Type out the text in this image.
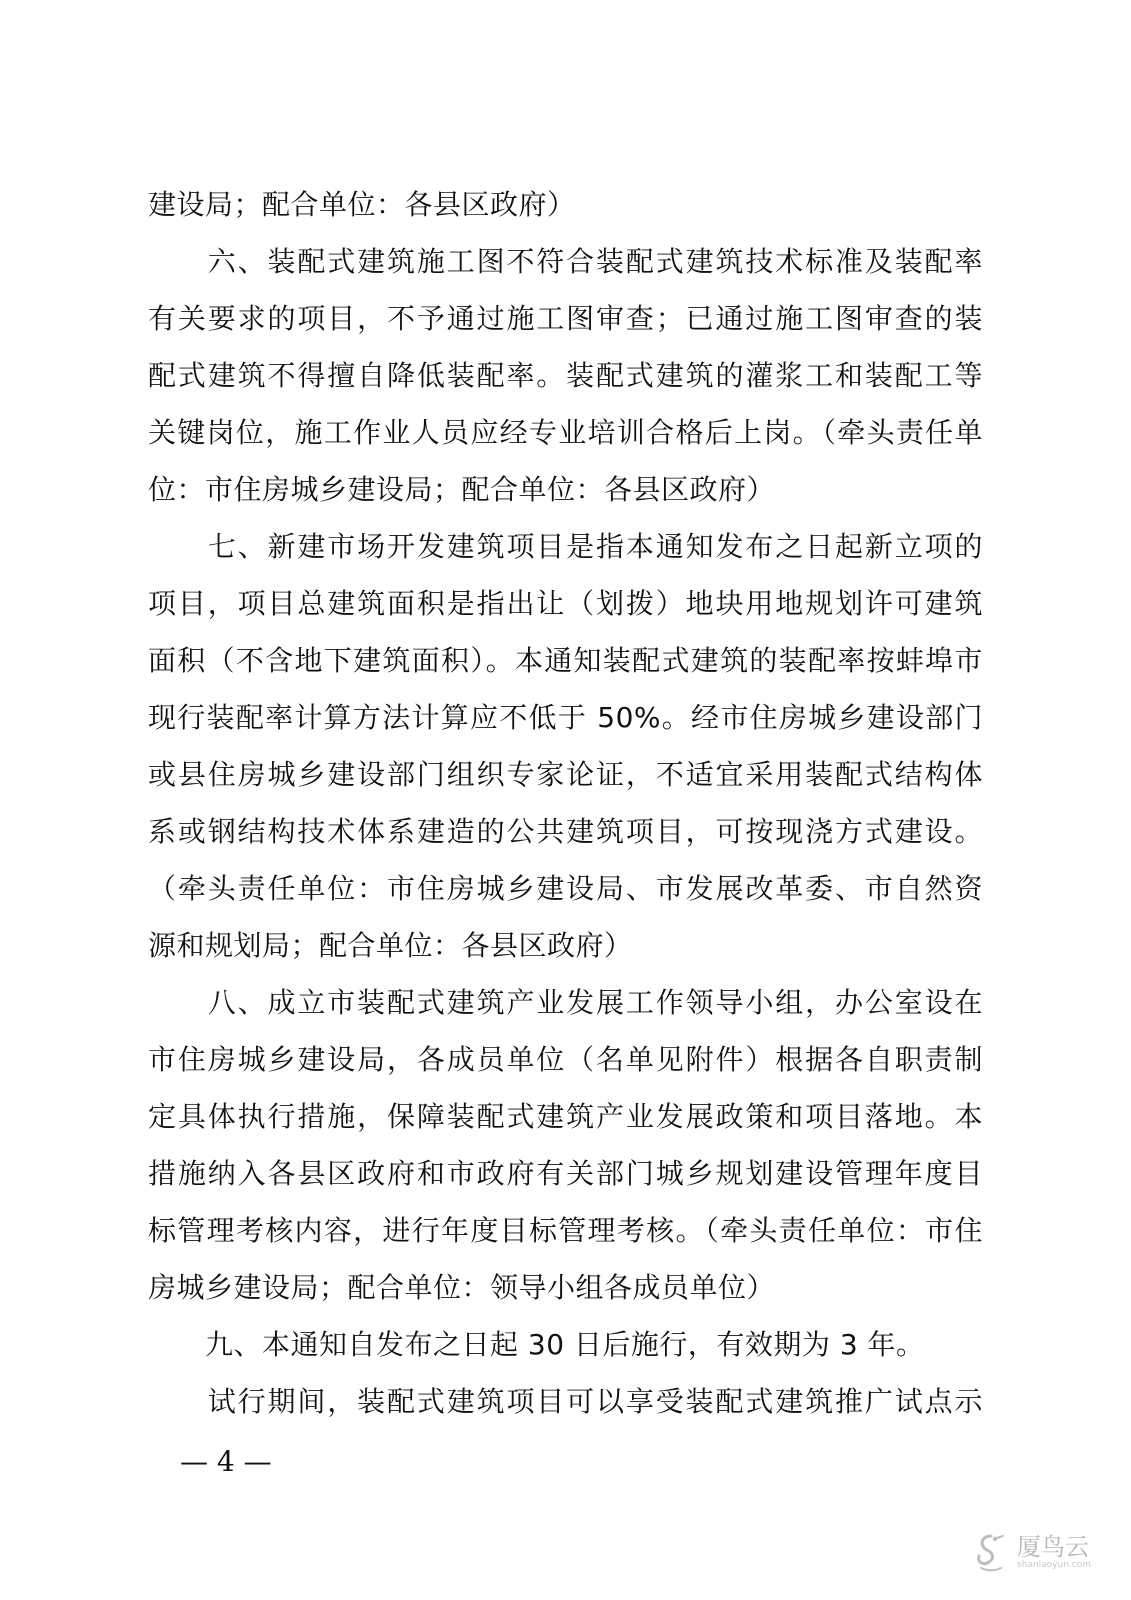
建设局；配合单位：各县区政府）
　　六、装配式建筑施工图不符合装配式建筑技术标准及装配率
有关要求的项目，不予通过施工图审查；已通过施工图审查的装
配式建筑不得擅自降低装配率。装配式建筑的灌浆工和装配工等
关键岗位，施工作业人员应经专业培训合格后上岗。（牵头责任单
位：市住房城乡建设局；配合单位：各县区政府）
　　七、新建市场开发建筑项目是指本通知发布之日起新立项的
项目，项目总建筑面积是指出让（划拨）地块用地规划许可建筑
面积（不含地下建筑面积）。本通知装配式建筑的装配率按蚌埠市
现行装配率计算方法计算应不低于 50%。经市住房城乡建设部门
或县住房城乡建设部门组织专家论证，不适宜采用装配式结构体
系或钢结构技术体系建造的公共建筑项目，可按现浇方式建设。
（牵头责任单位：市住房城乡建设局、市发展改革委、市自然资
源和规划局；配合单位：各县区政府）
　　八、成立市装配式建筑产业发展工作领导小组，办公室设在
市住房城乡建设局，各成员单位（名单见附件）根据各自职责制
定具体执行措施，保障装配式建筑产业发展政策和项目落地。本
措施纳入各县区政府和市政府有关部门城乡规划建设管理年度目
标管理考核内容，进行年度目标管理考核。（牵头责任单位：市住
房城乡建设局；配合单位：领导小组各成员单位）
　　九、本通知自发布之日起 30 日后施行，有效期为 3 年。
　　试行期间，装配式建筑项目可以享受装配式建筑推广试点示
— 4 —
厦鸟云
shaniaoyun.com
